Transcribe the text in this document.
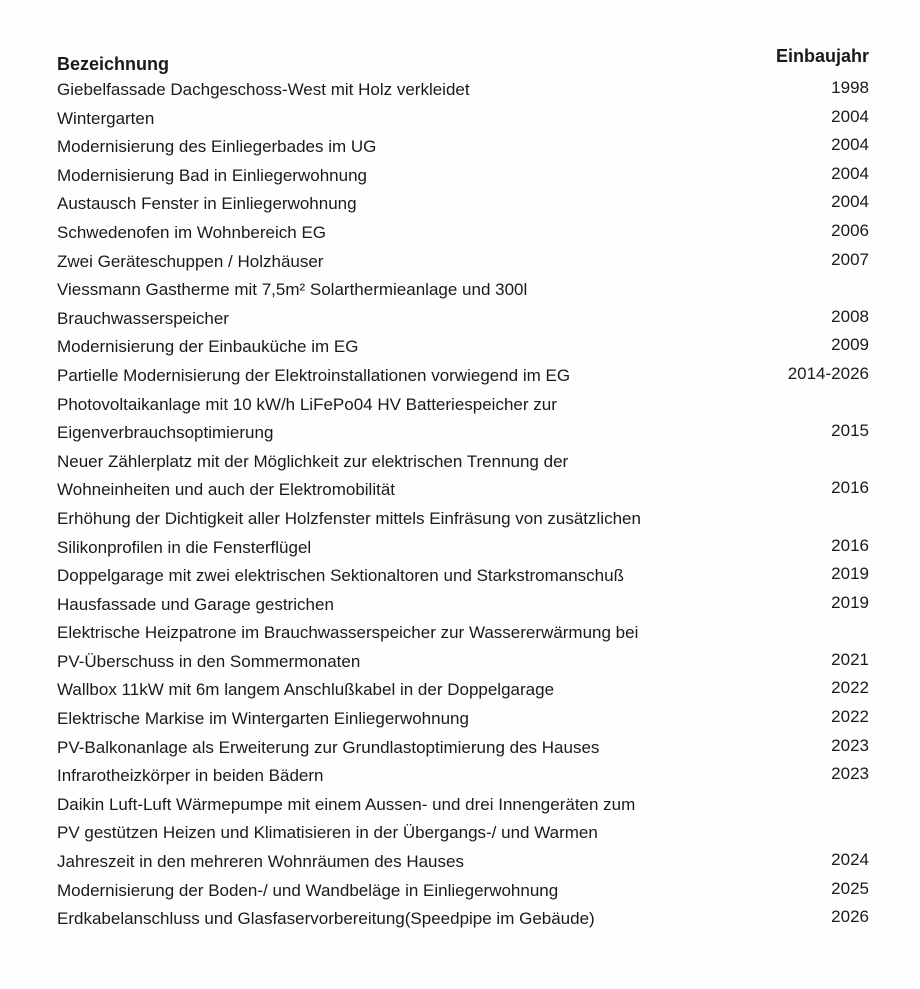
Bezeichnung	Einbaujahr
Giebelfassade Dachgeschoss-West mit Holz verkleidet	1998
Wintergarten	2004
Modernisierung des Einliegerbades im UG	2004
Modernisierung Bad in Einliegerwohnung	2004
Austausch Fenster in Einliegerwohnung	2004
Schwedenofen im Wohnbereich EG	2006
Zwei Geräteschuppen / Holzhäuser	2007
Viessmann Gastherme mit 7,5m² Solarthermieanlage und 300l
Brauchwasserspeicher	2008
Modernisierung der Einbauküche im EG	2009
Partielle Modernisierung der Elektroinstallationen vorwiegend im EG	2014-2026
Photovoltaikanlage mit 10 kW/h LiFePo04 HV Batteriespeicher zur
Eigenverbrauchsoptimierung	2015
Neuer Zählerplatz mit der Möglichkeit zur elektrischen Trennung der
Wohneinheiten und auch der Elektromobilität	2016
Erhöhung der Dichtigkeit aller Holzfenster mittels Einfräsung von zusätzlichen
Silikonprofilen in die Fensterflügel	2016
Doppelgarage mit zwei elektrischen Sektionaltoren und Starkstromanschuß	2019
Hausfassade und Garage gestrichen	2019
Elektrische Heizpatrone im Brauchwasserspeicher zur Wassererwärmung bei
PV-Überschuss in den Sommermonaten	2021
Wallbox 11kW mit 6m langem Anschlußkabel in der Doppelgarage	2022
Elektrische Markise im Wintergarten Einliegerwohnung	2022
PV-Balkonanlage als Erweiterung zur Grundlastoptimierung des Hauses	2023
Infrarotheizkörper in beiden Bädern	2023
Daikin Luft-Luft Wärmepumpe mit einem Aussen- und drei Innengeräten zum
PV gestützen Heizen und Klimatisieren in der Übergangs-/ und Warmen
Jahreszeit in den mehreren Wohnräumen des Hauses	2024
Modernisierung der Boden-/ und Wandbeläge in Einliegerwohnung	2025
Erdkabelanschluss und Glasfaservorbereitung(Speedpipe im Gebäude)	2026
